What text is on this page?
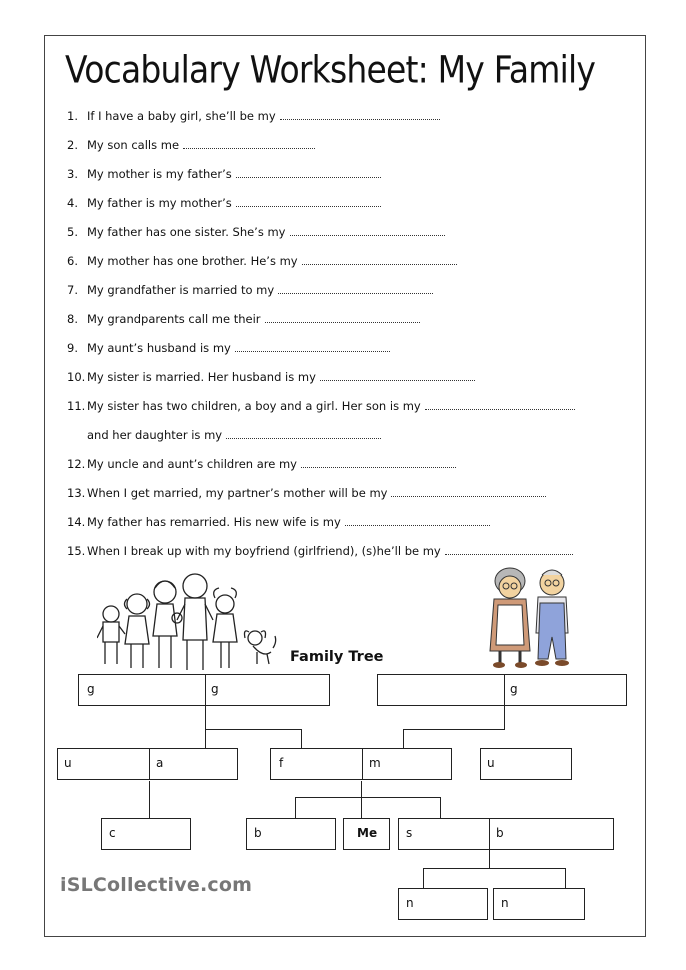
Vocabulary Worksheet: My Family
1. If I have a baby girl, she’ll be my
2. My son calls me
3. My mother is my father’s
4. My father is my mother’s
5. My father has one sister. She’s my
6. My mother has one brother. He’s my
7. My grandfather is married to my
8. My grandparents call me their
9. My aunt’s husband is my
10. My sister is married. Her husband is my
11. My sister has two children, a boy and a girl. Her son is my
and her daughter is my
12. My uncle and aunt’s children are my
13. When I get married, my partner’s mother will be my
14. My father has remarried. His new wife is my
15. When I break up with my boyfriend (girlfriend), (s)he’ll be my
Family Tree
g	g	g
u	a	f	m	u
c	b	Me s	b
n	n
iSLCollective.com
